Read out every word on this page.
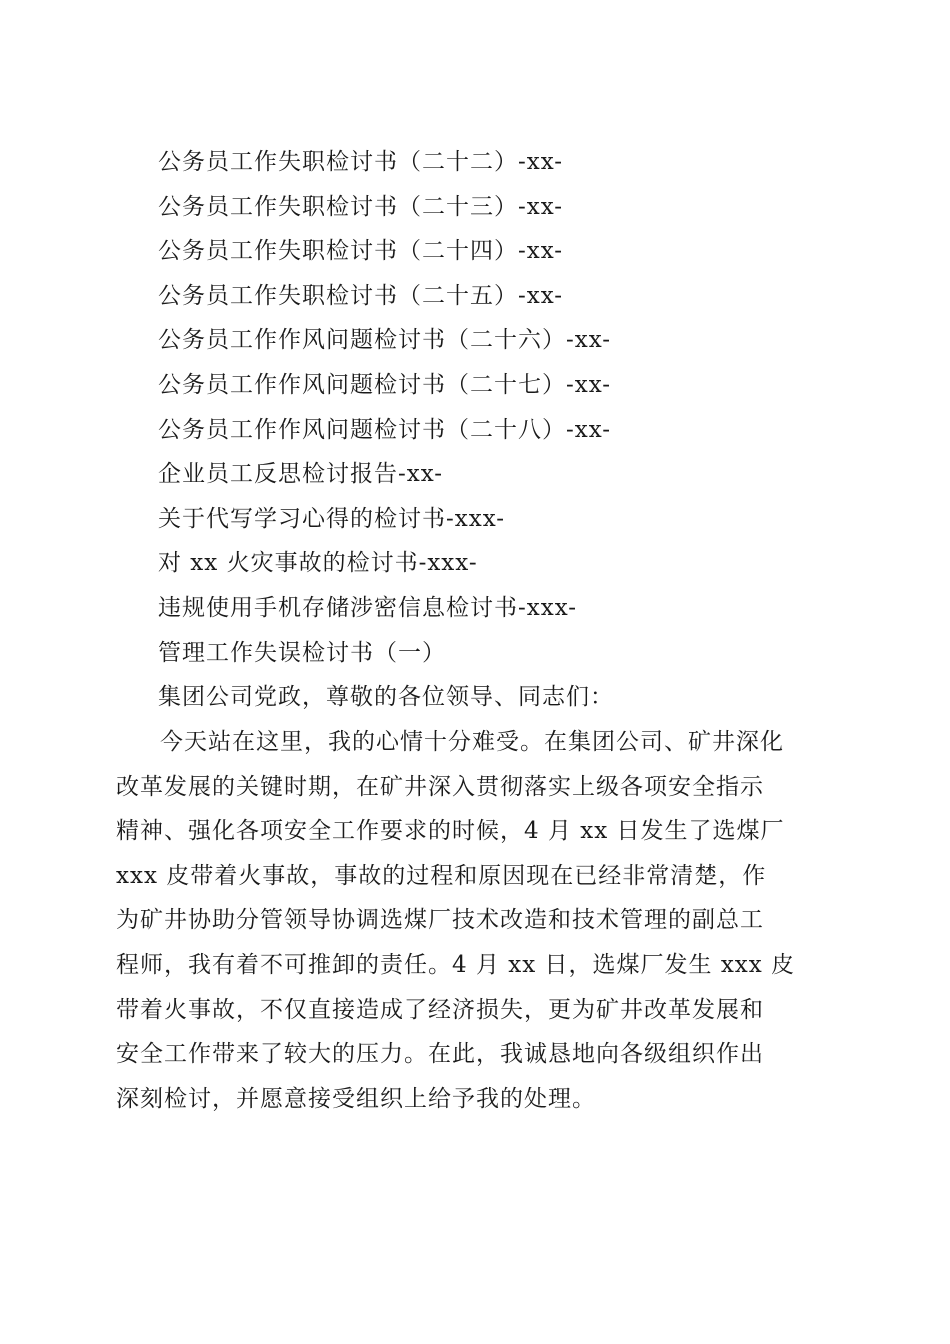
公务员工作失职检讨书（二十二）-xx-
公务员工作失职检讨书（二十三）-xx-
公务员工作失职检讨书（二十四）-xx-
公务员工作失职检讨书（二十五）-xx-
公务员工作作风问题检讨书（二十六）-xx-
公务员工作作风问题检讨书（二十七）-xx-
公务员工作作风问题检讨书（二十八）-xx-
企业员工反思检讨报告-xx-
关于代写学习心得的检讨书-xxx-
对 xx 火灾事故的检讨书-xxx-
违规使用手机存储涉密信息检讨书-xxx-
管理工作失误检讨书（一）
集团公司党政，尊敬的各位领导、同志们：
今天站在这里，我的心情十分难受。在集团公司、矿井深化
改革发展的关键时期，在矿井深入贯彻落实上级各项安全指示
精神、强化各项安全工作要求的时候，4 月 xx 日发生了选煤厂
xxx 皮带着火事故，事故的过程和原因现在已经非常清楚，作
为矿井协助分管领导协调选煤厂技术改造和技术管理的副总工
程师，我有着不可推卸的责任。4 月 xx 日，选煤厂发生 xxx 皮
带着火事故，不仅直接造成了经济损失，更为矿井改革发展和
安全工作带来了较大的压力。在此，我诚恳地向各级组织作出
深刻检讨，并愿意接受组织上给予我的处理。
